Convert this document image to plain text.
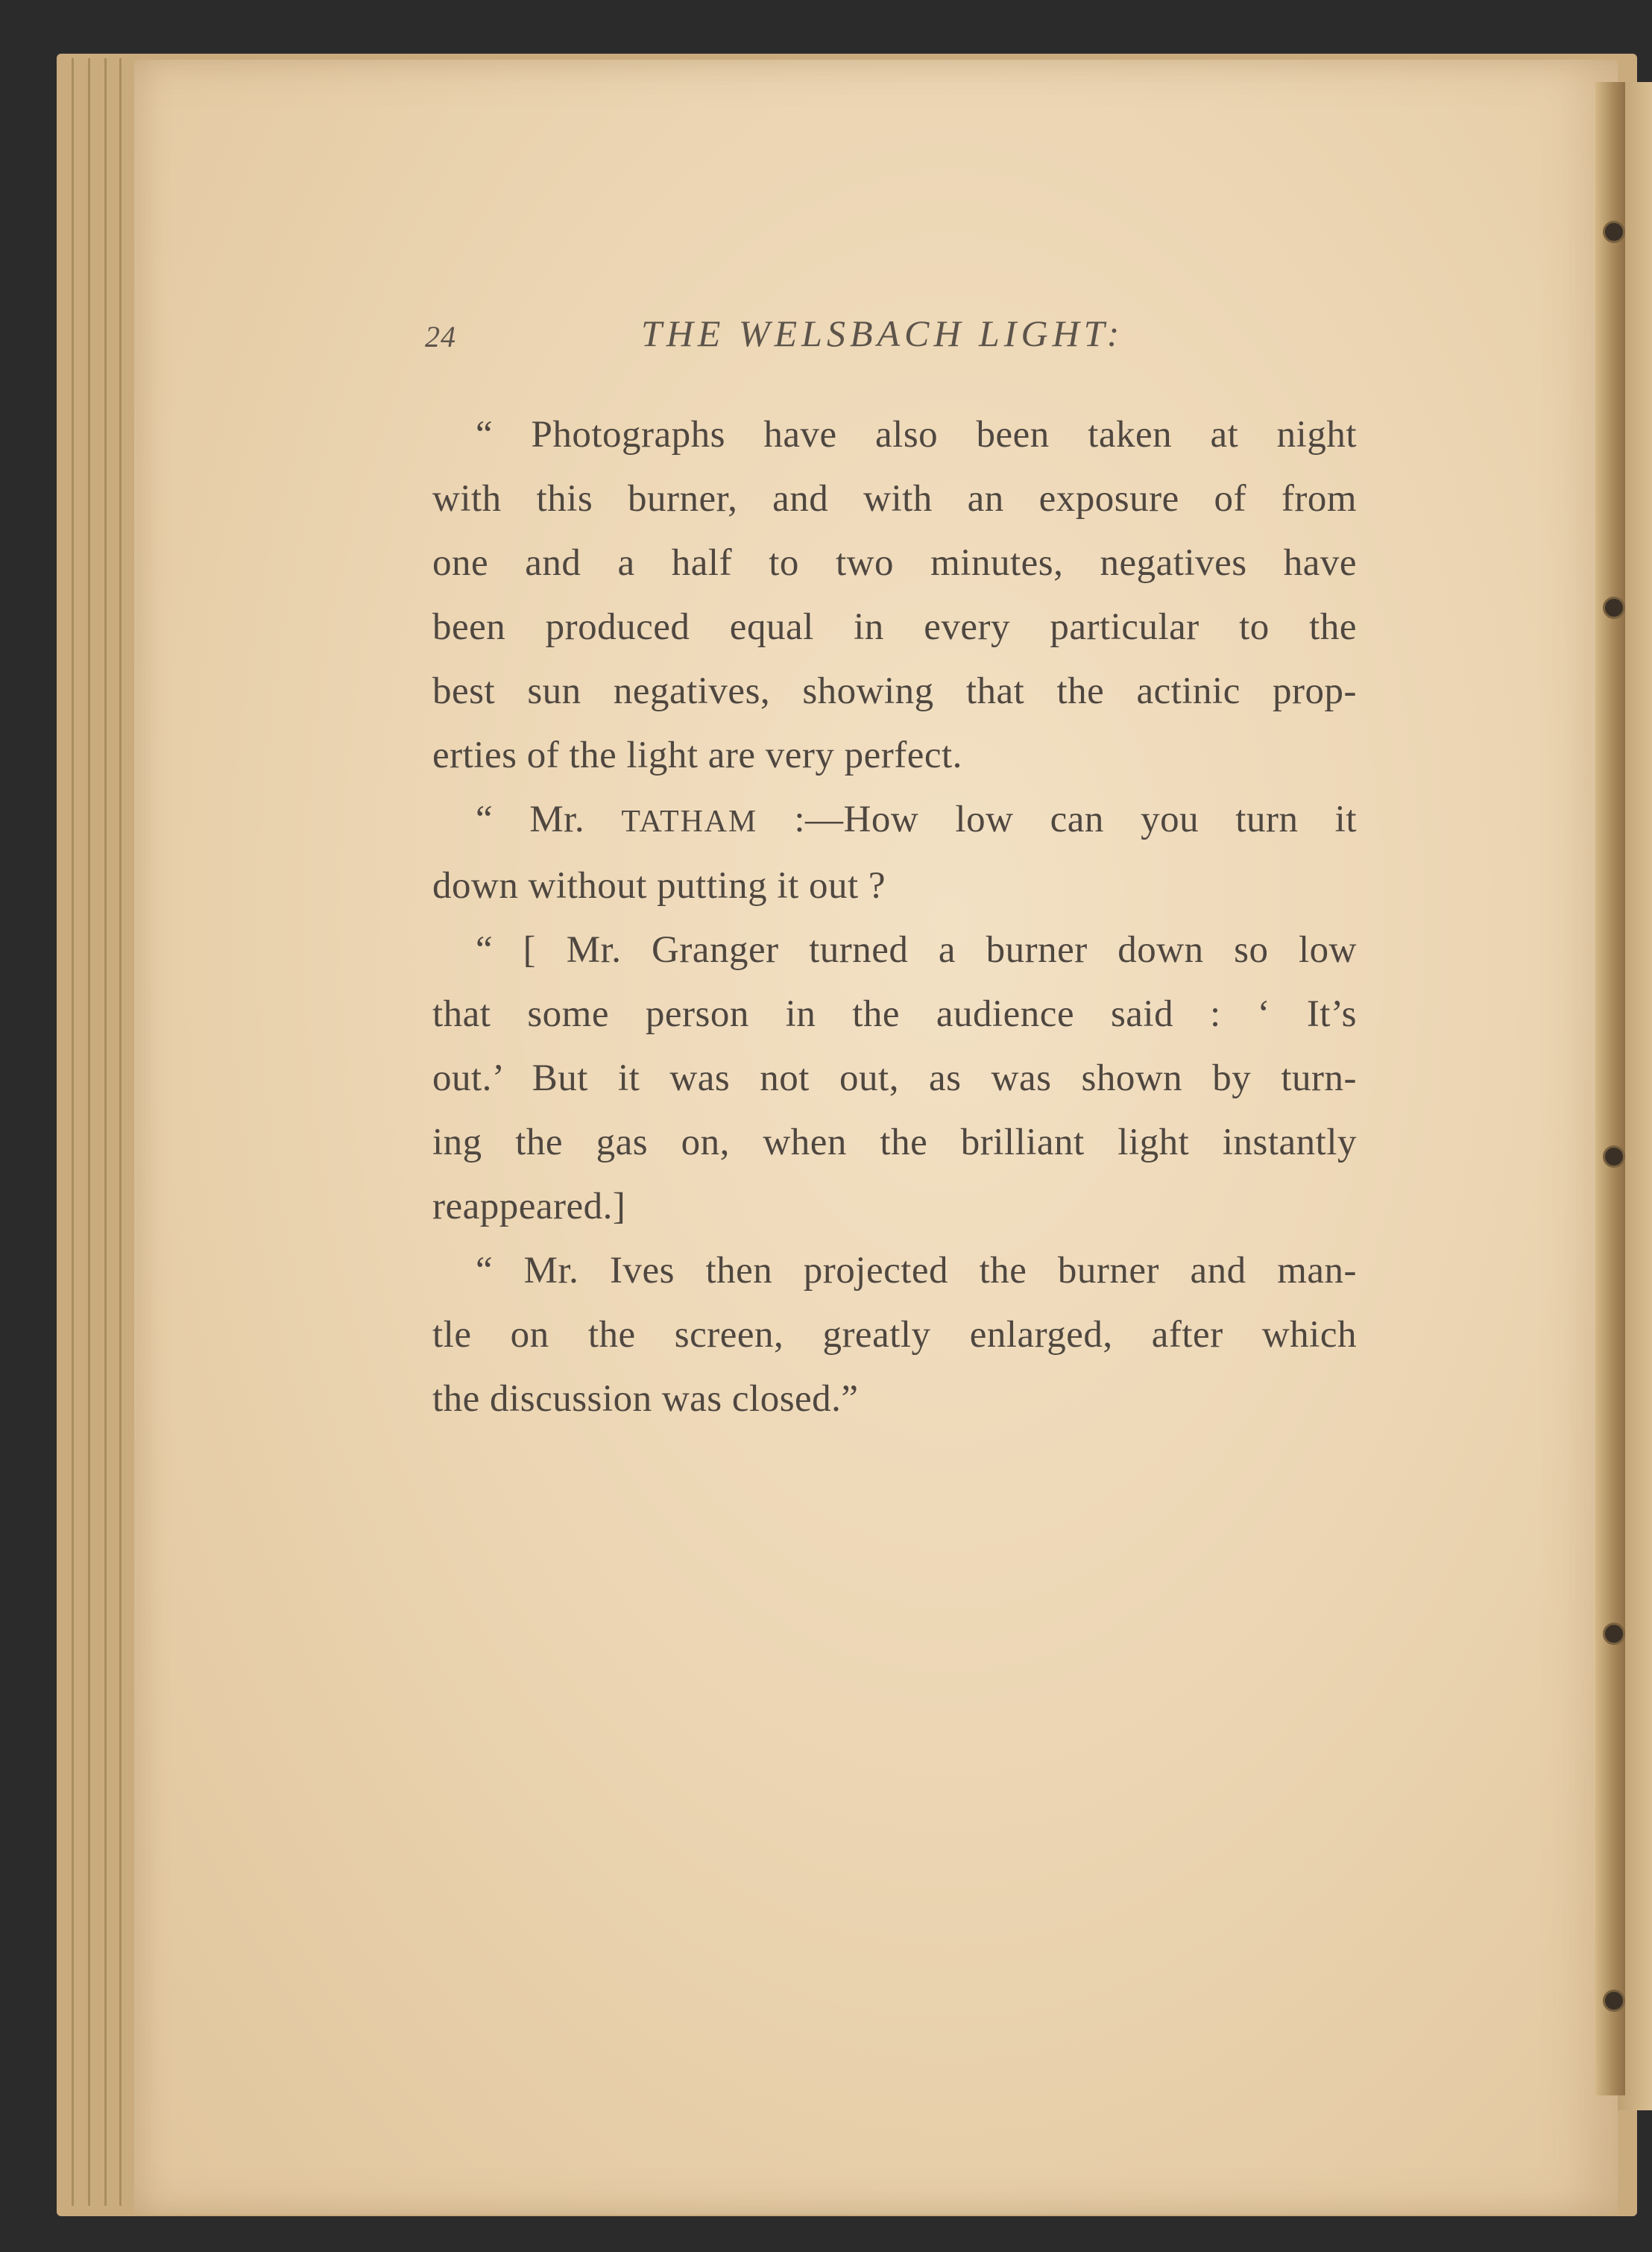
24	THE WELSBACH LIGHT:

“ Photographs have also been taken at night
with this burner, and with an exposure of from
one and a half to two minutes, negatives have
been produced equal in every particular to the
best sun negatives, showing that the actinic prop-
erties of the light are very perfect.

“ Mr. TATHAM :—How low can you turn it
down without putting it out ?

“ [ Mr. Granger turned a burner down so low
that some person in the audience said : ‘ It’s
out.’ But it was not out, as was shown by turn-
ing the gas on, when the brilliant light instantly
reappeared.]

“ Mr. Ives then projected the burner and man-
tle on the screen, greatly enlarged, after which
the discussion was closed.”
